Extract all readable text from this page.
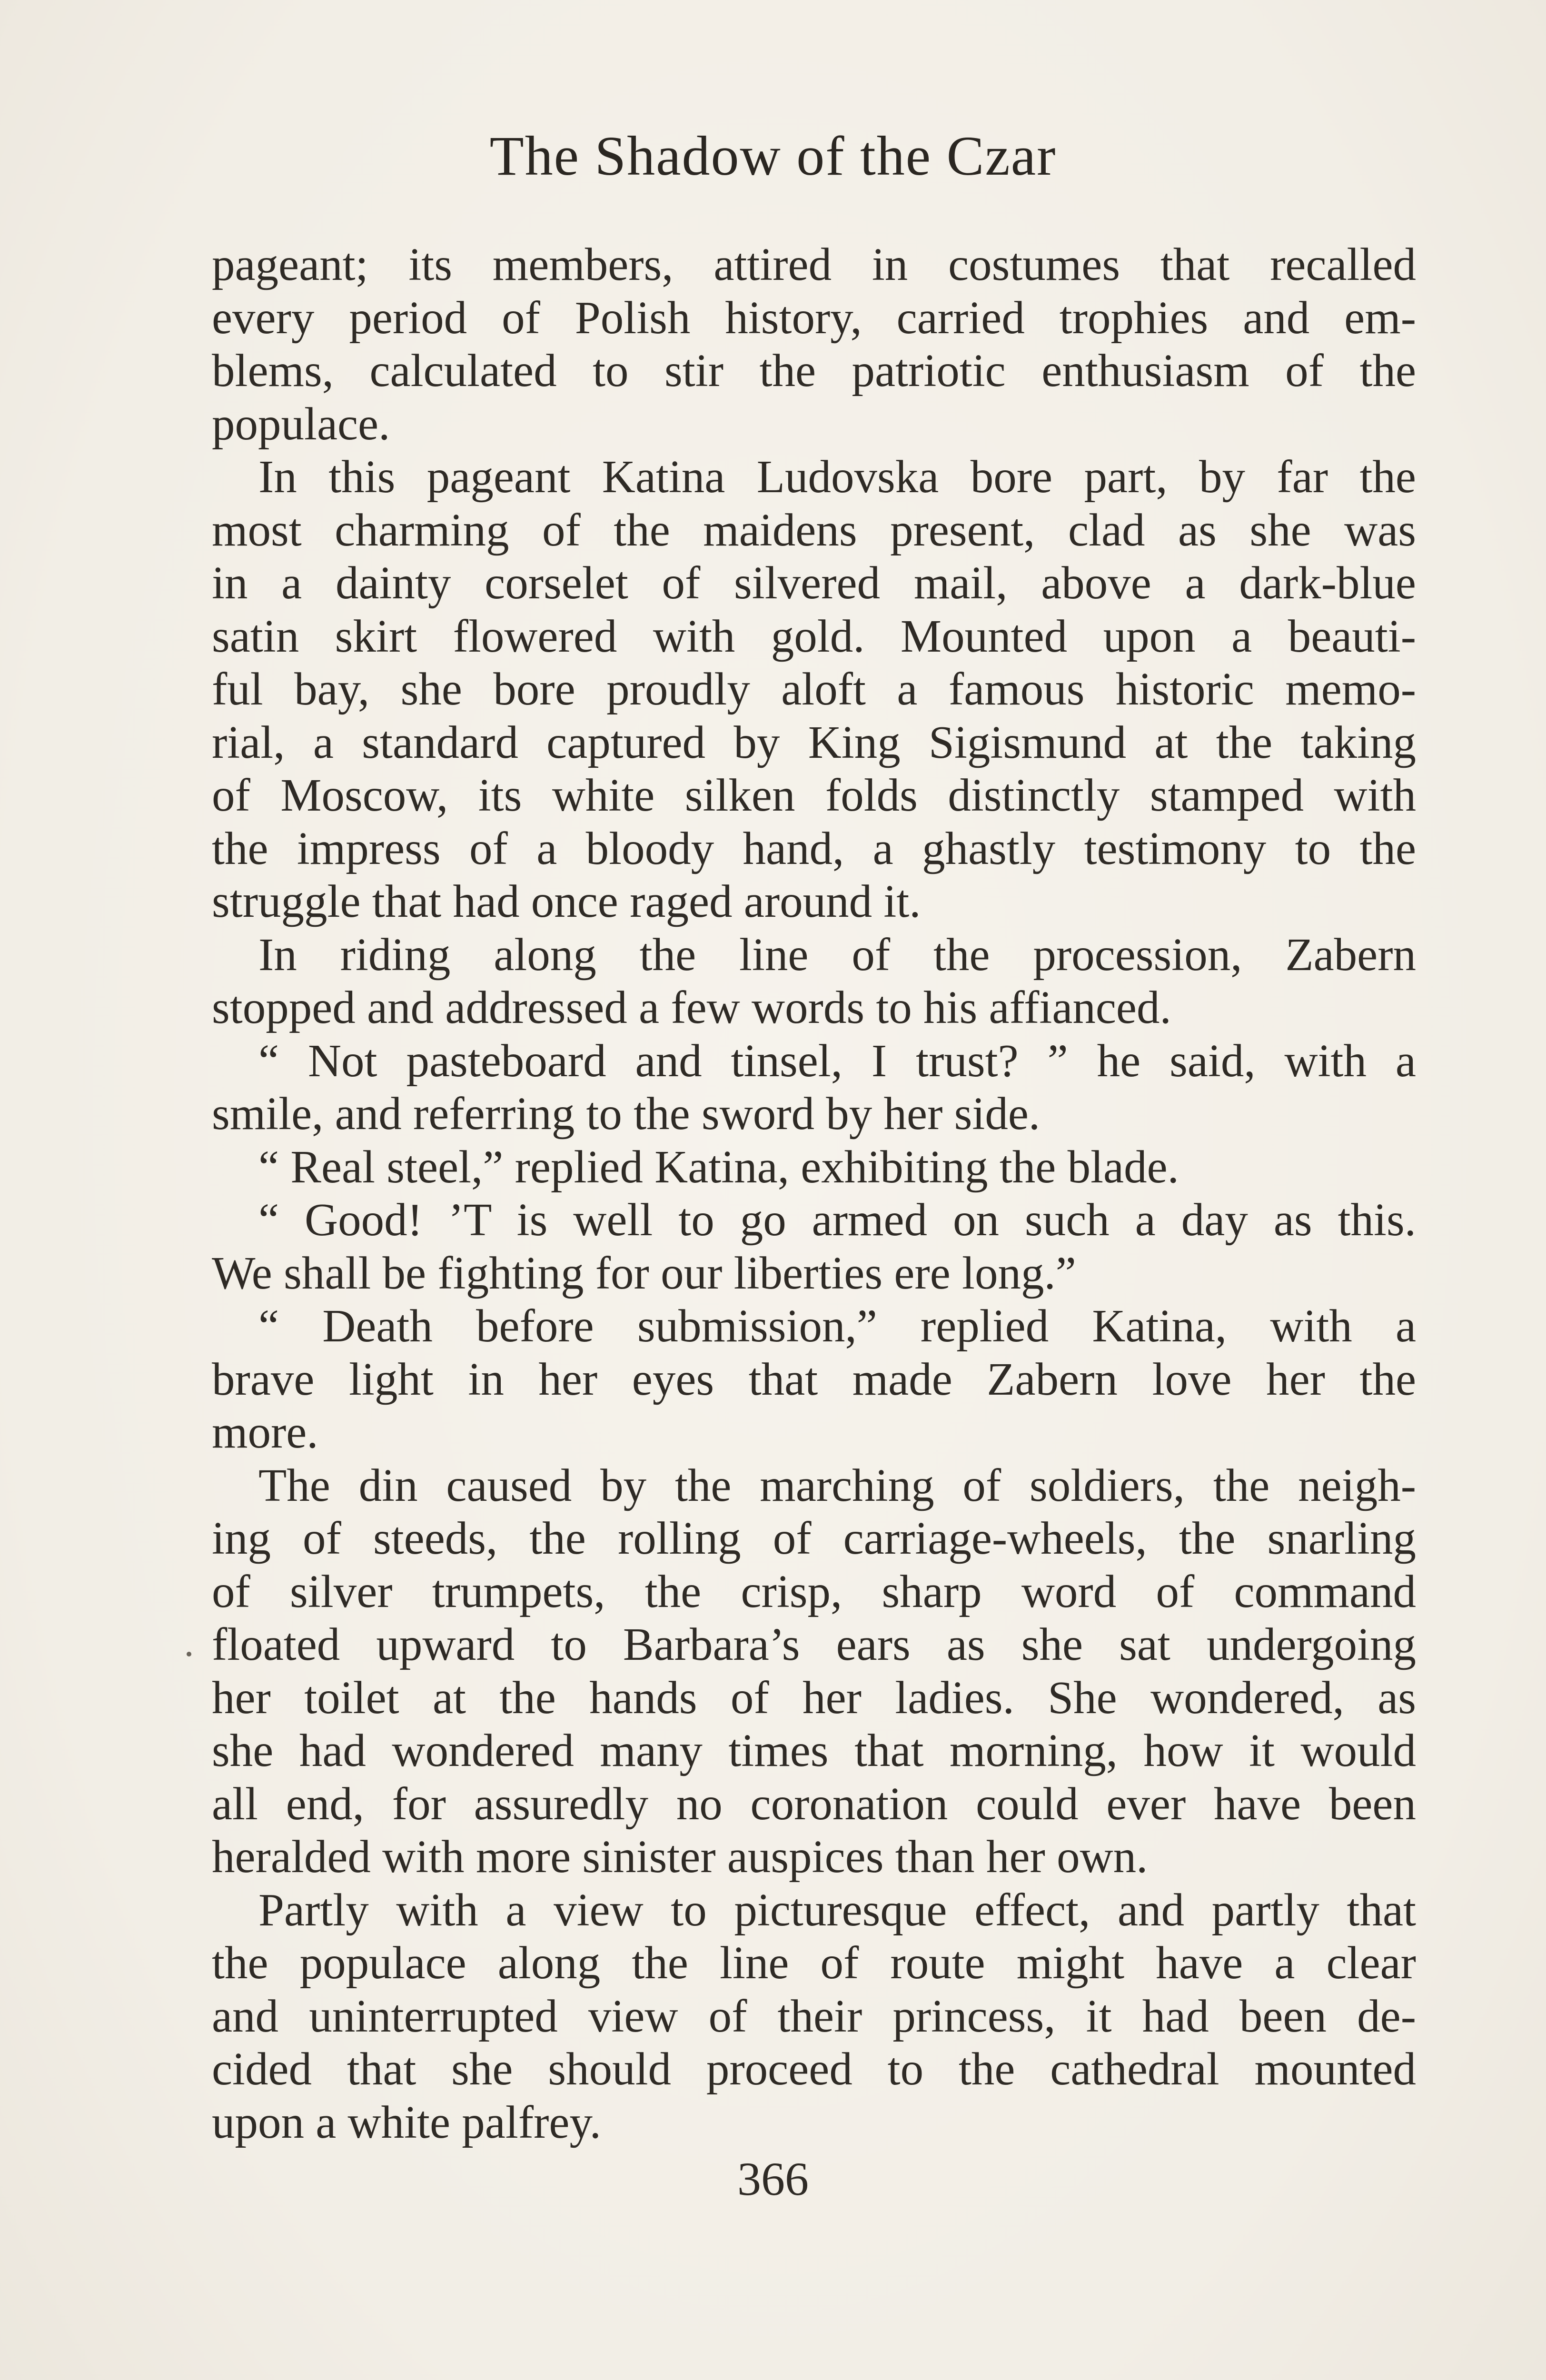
The Shadow of the Czar

pageant; its members, attired in costumes that recalled
every period of Polish history, carried trophies and em-
blems, calculated to stir the patriotic enthusiasm of the
populace.

In this pageant Katina Ludovska bore part, by far the
most charming of the maidens present, clad as she was
in a dainty corselet of silvered mail, above a dark-blue
satin skirt flowered with gold. Mounted upon a beauti-
ful bay, she bore proudly aloft a famous historic memo-
rial, a standard captured by King Sigismund at the taking
of Moscow, its white silken folds distinctly stamped with
the impress of a bloody hand, a ghastly testimony to the
struggle that had once raged around it.

In riding along the line of the procession, Zabern
stopped and addressed a few words to his affianced.

“ Not pasteboard and tinsel, I trust? ” he said, with a
smile, and referring to the sword by her side.

“ Real steel,” replied Katina, exhibiting the blade.

“ Good! ’T is well to go armed on such a day as this.
We shall be fighting for our liberties ere long.”

“ Death before submission,” replied Katina, with a
brave light in her eyes that made Zabern love her the
more.

The din caused by the marching of soldiers, the neigh-
ing of steeds, the rolling of carriage-wheels, the snarling
of silver trumpets, the crisp, sharp word of command
floated upward to Barbara’s ears as she sat undergoing
her toilet at the hands of her ladies. She wondered, as
she had wondered many times that morning, how it would
all end, for assuredly no coronation could ever have been
heralded with more sinister auspices than her own.

Partly with a view to picturesque effect, and partly that
the populace along the line of route might have a clear
and uninterrupted view of their princess, it had been de-
cided that she should proceed to the cathedral mounted
upon a white palfrey.

366
